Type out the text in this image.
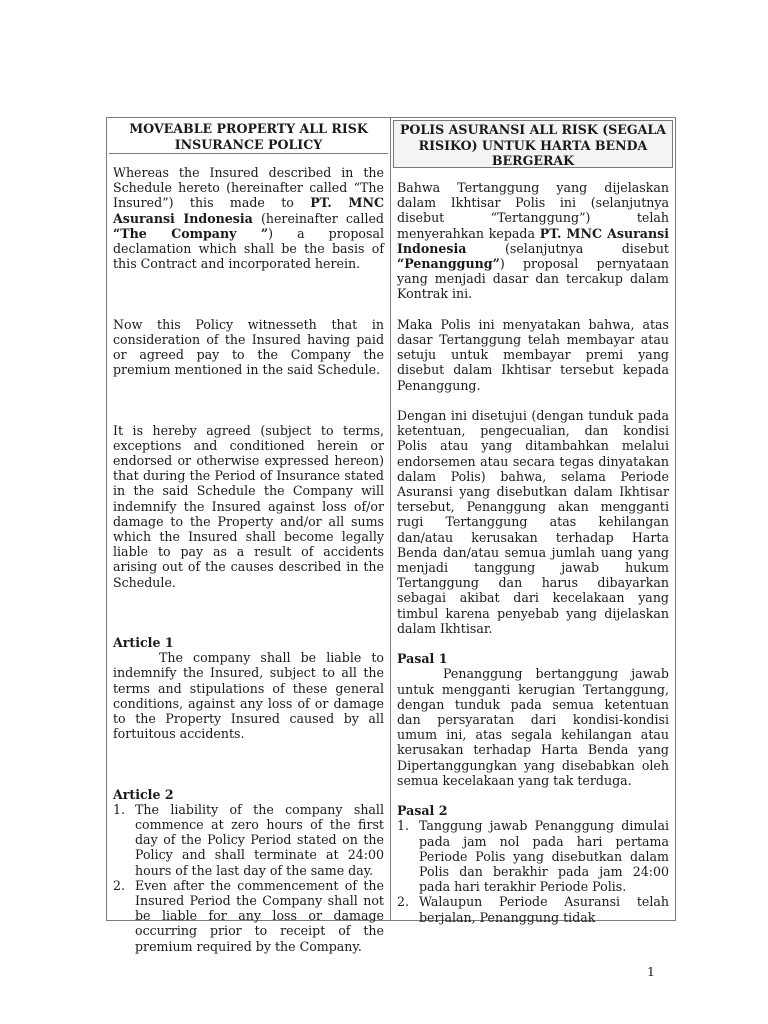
MOVEABLE PROPERTY ALL RISK INSURANCE POLICY

Whereas the Insured described in the Schedule hereto (hereinafter called “The Insured”) this made to PT. MNC Asuransi Indonesia (hereinafter called “The Company ”) a proposal declamation which shall be the basis of this Contract and incorporated herein.

Now this Policy witnesseth that in consideration of the Insured having paid or agreed pay to the Company the premium mentioned in the said Schedule.

It is hereby agreed (subject to terms, exceptions and conditioned herein or endorsed or otherwise expressed hereon) that during the Period of Insurance stated in the said Schedule the Company will indemnify the Insured against loss of/or damage to the Property and/or all sums which the Insured shall become legally liable to pay as a result of accidents arising out of the causes described in the Schedule.

Article 1

The company shall be liable to indemnify the Insured, subject to all the terms and stipulations of these general conditions, against any loss of or damage to the Property Insured caused by all fortuitous accidents.

Article 2

1. The liability of the company shall commence at zero hours of the first day of the Policy Period stated on the Policy and shall terminate at 24:00 hours of the last day of the same day.
2. Even after the commencement of the Insured Period the Company shall not be liable for any loss or damage occurring prior to receipt of the premium required by the Company.
POLIS ASURANSI ALL RISK (SEGALA RISIKO) UNTUK HARTA BENDA BERGERAK

Bahwa Tertanggung yang dijelaskan dalam Ikhtisar Polis ini (selanjutnya disebut “Tertanggung”) telah menyerahkan kepada PT. MNC Asuransi Indonesia (selanjutnya disebut “Penanggung”) proposal pernyataan yang menjadi dasar dan tercakup dalam Kontrak ini.

Maka Polis ini menyatakan bahwa, atas dasar Tertanggung telah membayar atau setuju untuk membayar premi yang disebut dalam Ikhtisar tersebut kepada Penanggung.

Dengan ini disetujui (dengan tunduk pada ketentuan, pengecualian, dan kondisi Polis atau yang ditambahkan melalui endorsemen atau secara tegas dinyatakan dalam Polis) bahwa, selama Periode Asuransi yang disebutkan dalam Ikhtisar tersebut, Penanggung akan mengganti rugi Tertanggung atas kehilangan dan/atau kerusakan terhadap Harta Benda dan/atau semua jumlah uang yang menjadi tanggung jawab hukum Tertanggung dan harus dibayarkan sebagai akibat dari kecelakaan yang timbul karena penyebab yang dijelaskan dalam Ikhtisar.

Pasal 1

Penanggung bertanggung jawab untuk mengganti kerugian Tertanggung, dengan tunduk pada semua ketentuan dan persyaratan dari kondisi-kondisi umum ini, atas segala kehilangan atau kerusakan terhadap Harta Benda yang Dipertanggungkan yang disebabkan oleh semua kecelakaan yang tak terduga.

Pasal 2

1. Tanggung jawab Penanggung dimulai pada jam nol pada hari pertama Periode Polis yang disebutkan dalam Polis dan berakhir pada jam 24:00 pada hari terakhir Periode Polis.
2. Walaupun Periode Asuransi telah berjalan, Penanggung tidak
1
